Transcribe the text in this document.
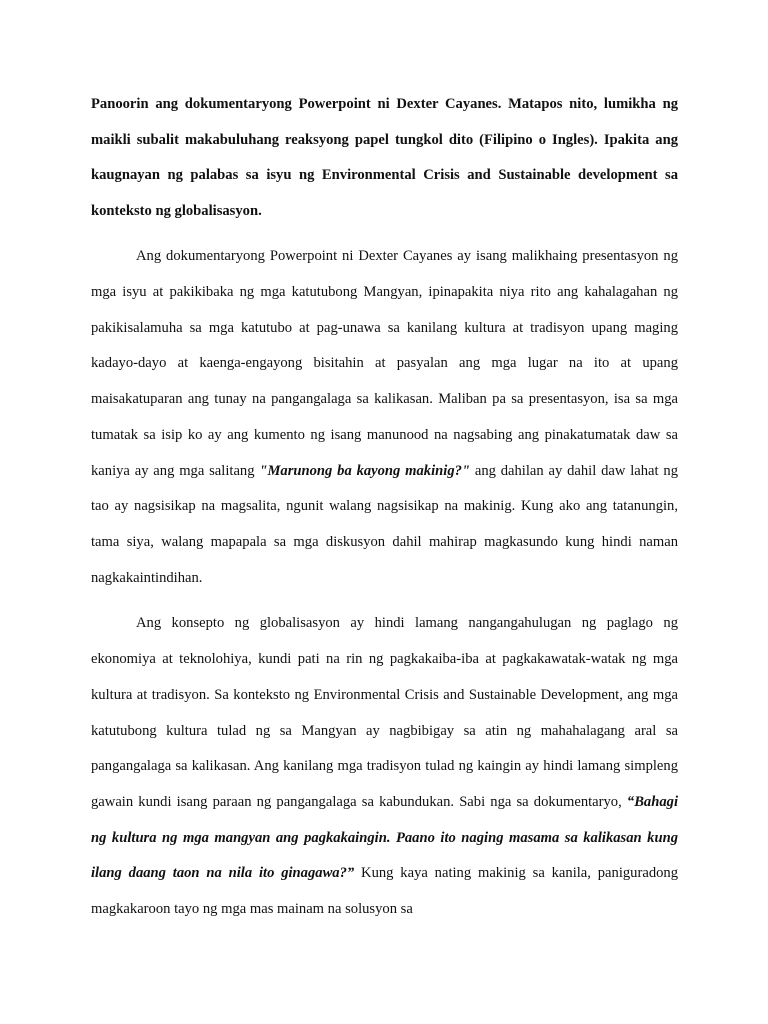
Panoorin ang dokumentaryong Powerpoint ni Dexter Cayanes. Matapos nito, lumikha ng maikli subalit makabuluhang reaksyong papel tungkol dito (Filipino o Ingles). Ipakita ang kaugnayan ng palabas sa isyu ng Environmental Crisis and Sustainable development sa konteksto ng globalisasyon.

Ang dokumentaryong Powerpoint ni Dexter Cayanes ay isang malikhaing presentasyon ng mga isyu at pakikibaka ng mga katutubong Mangyan, ipinapakita niya rito ang kahalagahan ng pakikisalamuha sa mga katutubo at pag-unawa sa kanilang kultura at tradisyon upang maging kadayo-dayo at kaenga-engayong bisitahin at pasyalan ang mga lugar na ito at upang maisakatuparan ang tunay na pangangalaga sa kalikasan. Maliban pa sa presentasyon, isa sa mga tumatak sa isip ko ay ang kumento ng isang manunood na nagsabing ang pinakatumatak daw sa kaniya ay ang mga salitang "Marunong ba kayong makinig?" ang dahilan ay dahil daw lahat ng tao ay nagsisikap na magsalita, ngunit walang nagsisikap na makinig. Kung ako ang tatanungin, tama siya, walang mapapala sa mga diskusyon dahil mahirap magkasundo kung hindi naman nagkakaintindihan.

Ang konsepto ng globalisasyon ay hindi lamang nangangahulugan ng paglago ng ekonomiya at teknolohiya, kundi pati na rin ng pagkakaiba-iba at pagkakawatak-watak ng mga kultura at tradisyon. Sa konteksto ng Environmental Crisis and Sustainable Development, ang mga katutubong kultura tulad ng sa Mangyan ay nagbibigay sa atin ng mahahalagang aral sa pangangalaga sa kalikasan. Ang kanilang mga tradisyon tulad ng kaingin ay hindi lamang simpleng gawain kundi isang paraan ng pangangalaga sa kabundukan. Sabi nga sa dokumentaryo, “Bahagi ng kultura ng mga mangyan ang pagkakaingin. Paano ito naging masama sa kalikasan kung ilang daang taon na nila ito ginagawa?” Kung kaya nating makinig sa kanila, paniguradong magkakaroon tayo ng mga mas mainam na solusyon sa
